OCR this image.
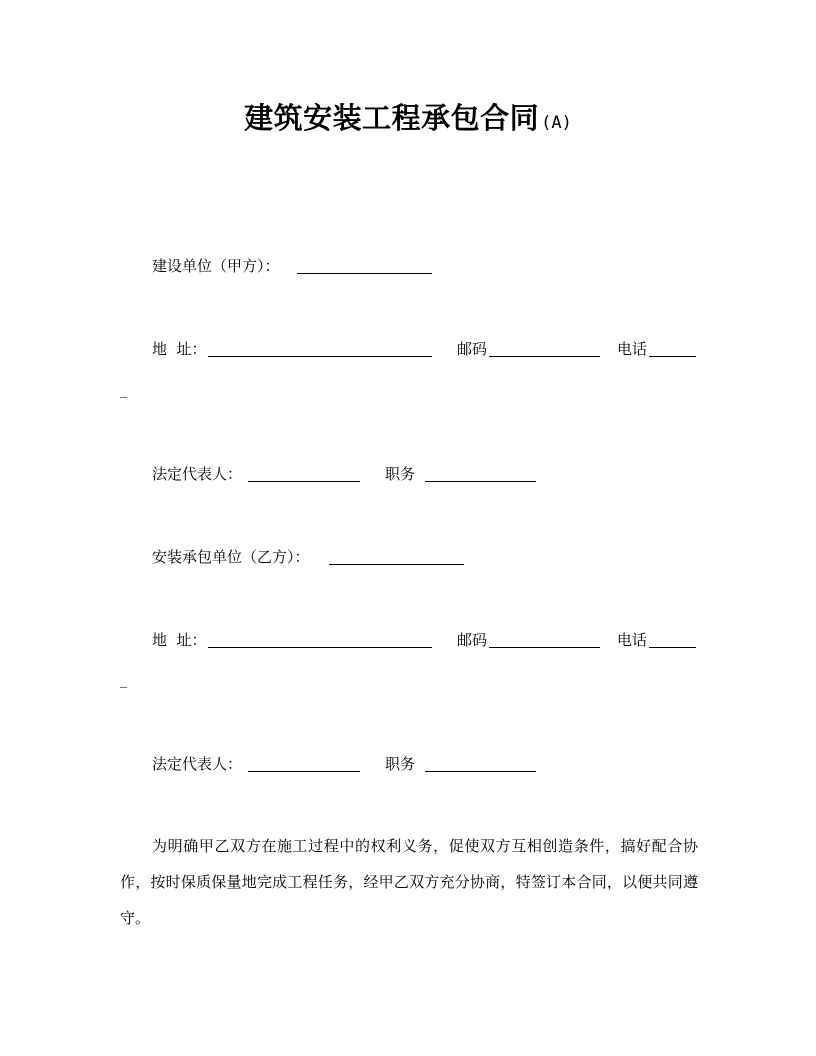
建筑安装工程承包合同 (A)
建设单位（甲方）：
地  址：	邮码	电话
法定代表人：	职务
安装承包单位（乙方）：
地  址：	邮码	电话
法定代表人：	职务
为明确甲乙双方在施工过程中的权利义务，促使双方互相创造条件，搞好配合协作，按时保质保量地完成工程任务，经甲乙双方充分协商，特签订本合同，以便共同遵守。
